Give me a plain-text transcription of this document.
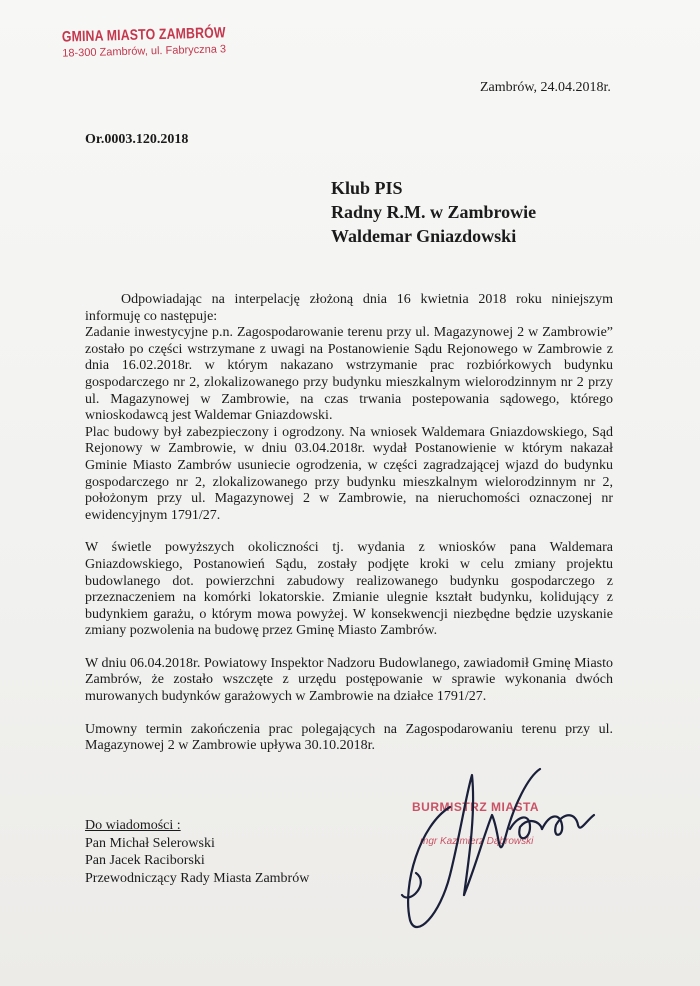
GMINA MIASTO ZAMBRÓW
18-300 Zambrów, ul. Fabryczna 3
Zambrów, 24.04.2018r.
Or.0003.120.2018
Klub PIS
Radny R.M. w Zambrowie
Waldemar Gniazdowski

Odpowiadając na interpelację złożoną dnia 16 kwietnia 2018 roku niniejszym informuję co następuje:

Zadanie inwestycyjne p.n. Zagospodarowanie terenu przy ul. Magazynowej 2 w Zambrowie” zostało po części wstrzymane z uwagi na Postanowienie Sądu Rejonowego w Zambrowie z dnia 16.02.2018r. w którym nakazano wstrzymanie prac rozbiórkowych budynku gospodarczego nr 2, zlokalizowanego przy budynku mieszkalnym wielorodzinnym nr 2 przy ul. Magazynowej w Zambrowie, na czas trwania postepowania sądowego, którego wnioskodawcą jest Waldemar Gniazdowski.

Plac budowy był zabezpieczony i ogrodzony. Na wniosek Waldemara Gniazdowskiego, Sąd Rejonowy w Zambrowie, w dniu 03.04.2018r. wydał Postanowienie w którym nakazał Gminie Miasto Zambrów usuniecie ogrodzenia, w części zagradzającej wjazd do budynku gospodarczego nr 2, zlokalizowanego przy budynku mieszkalnym wielorodzinnym nr 2, położonym przy ul. Magazynowej 2 w Zambrowie, na nieruchomości oznaczonej nr ewidencyjnym 1791/27.

W świetle powyższych okoliczności tj. wydania z wniosków pana Waldemara Gniazdowskiego, Postanowień Sądu, zostały podjęte kroki w celu zmiany projektu budowlanego dot. powierzchni zabudowy realizowanego budynku gospodarczego z przeznaczeniem na komórki lokatorskie. Zmianie ulegnie kształt budynku, kolidujący z budynkiem garażu, o którym mowa powyżej. W konsekwencji niezbędne będzie uzyskanie zmiany pozwolenia na budowę przez Gminę Miasto Zambrów.

W dniu 06.04.2018r. Powiatowy Inspektor Nadzoru Budowlanego, zawiadomił Gminę Miasto Zambrów, że zostało wszczęte z urzędu postępowanie w sprawie wykonania dwóch murowanych budynków garażowych w Zambrowie na działce 1791/27.

Umowny termin zakończenia prac polegających na Zagospodarowaniu terenu przy ul. Magazynowej 2 w Zambrowie upływa 30.10.2018r.

Do wiadomości :
Pan Michał Selerowski
Pan Jacek Raciborski
Przewodniczący Rady Miasta Zambrów
BURMISTRZ MIASTA
mgr Kazimierz Dąbrowski
